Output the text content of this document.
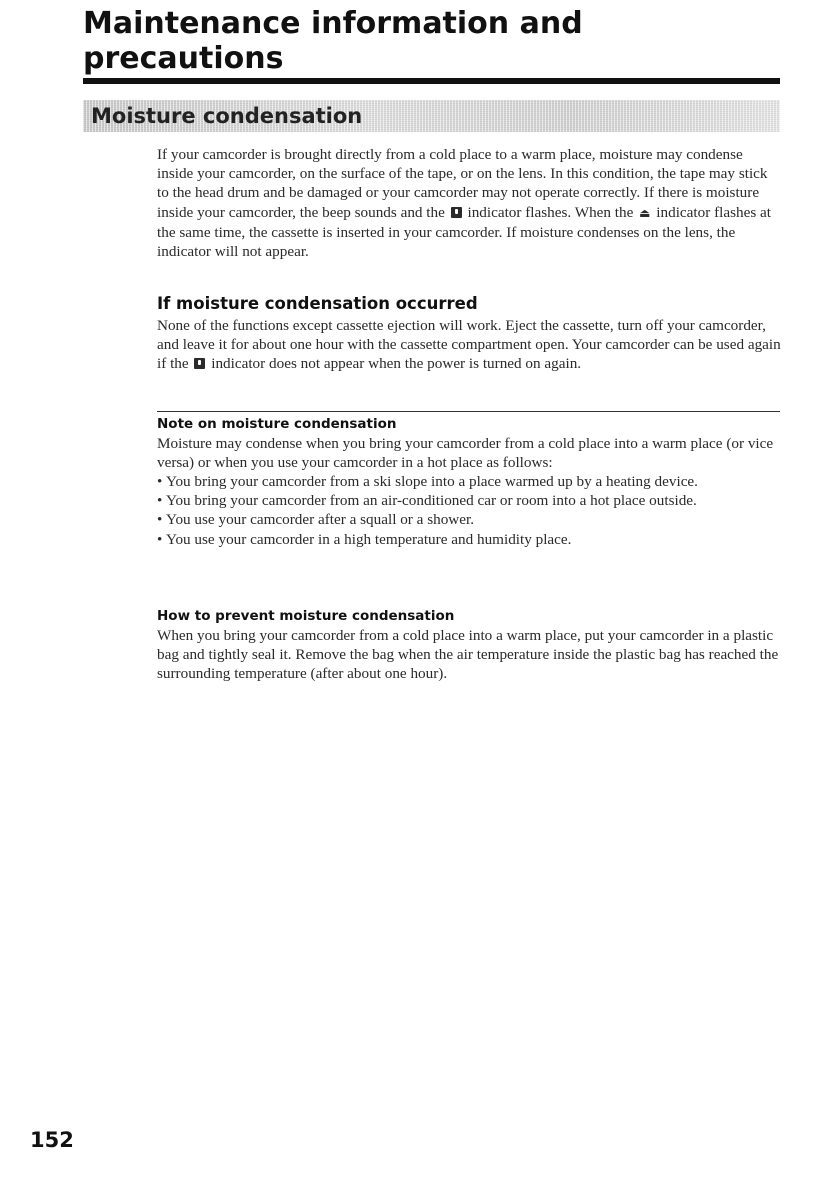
Maintenance information and precautions
Moisture condensation

If your camcorder is brought directly from a cold place to a warm place, moisture may condense inside your camcorder, on the surface of the tape, or on the lens. In this condition, the tape may stick to the head drum and be damaged or your camcorder may not operate correctly. If there is moisture inside your camcorder, the beep sounds and the indicator flashes. When the ⏏ indicator flashes at the same time, the cassette is inserted in your camcorder. If moisture condenses on the lens, the indicator will not appear.

If moisture condensation occurred

None of the functions except cassette ejection will work. Eject the cassette, turn off your camcorder, and leave it for about one hour with the cassette compartment open. Your camcorder can be used again if the indicator does not appear when the power is turned on again.

Note on moisture condensation

Moisture may condense when you bring your camcorder from a cold place into a warm place (or vice versa) or when you use your camcorder in a hot place as follows:

• You bring your camcorder from a ski slope into a place warmed up by a heating device.
• You bring your camcorder from an air-conditioned car or room into a hot place outside.
• You use your camcorder after a squall or a shower.
• You use your camcorder in a high temperature and humidity place.
How to prevent moisture condensation

When you bring your camcorder from a cold place into a warm place, put your camcorder in a plastic bag and tightly seal it. Remove the bag when the air temperature inside the plastic bag has reached the surrounding temperature (after about one hour).

152
